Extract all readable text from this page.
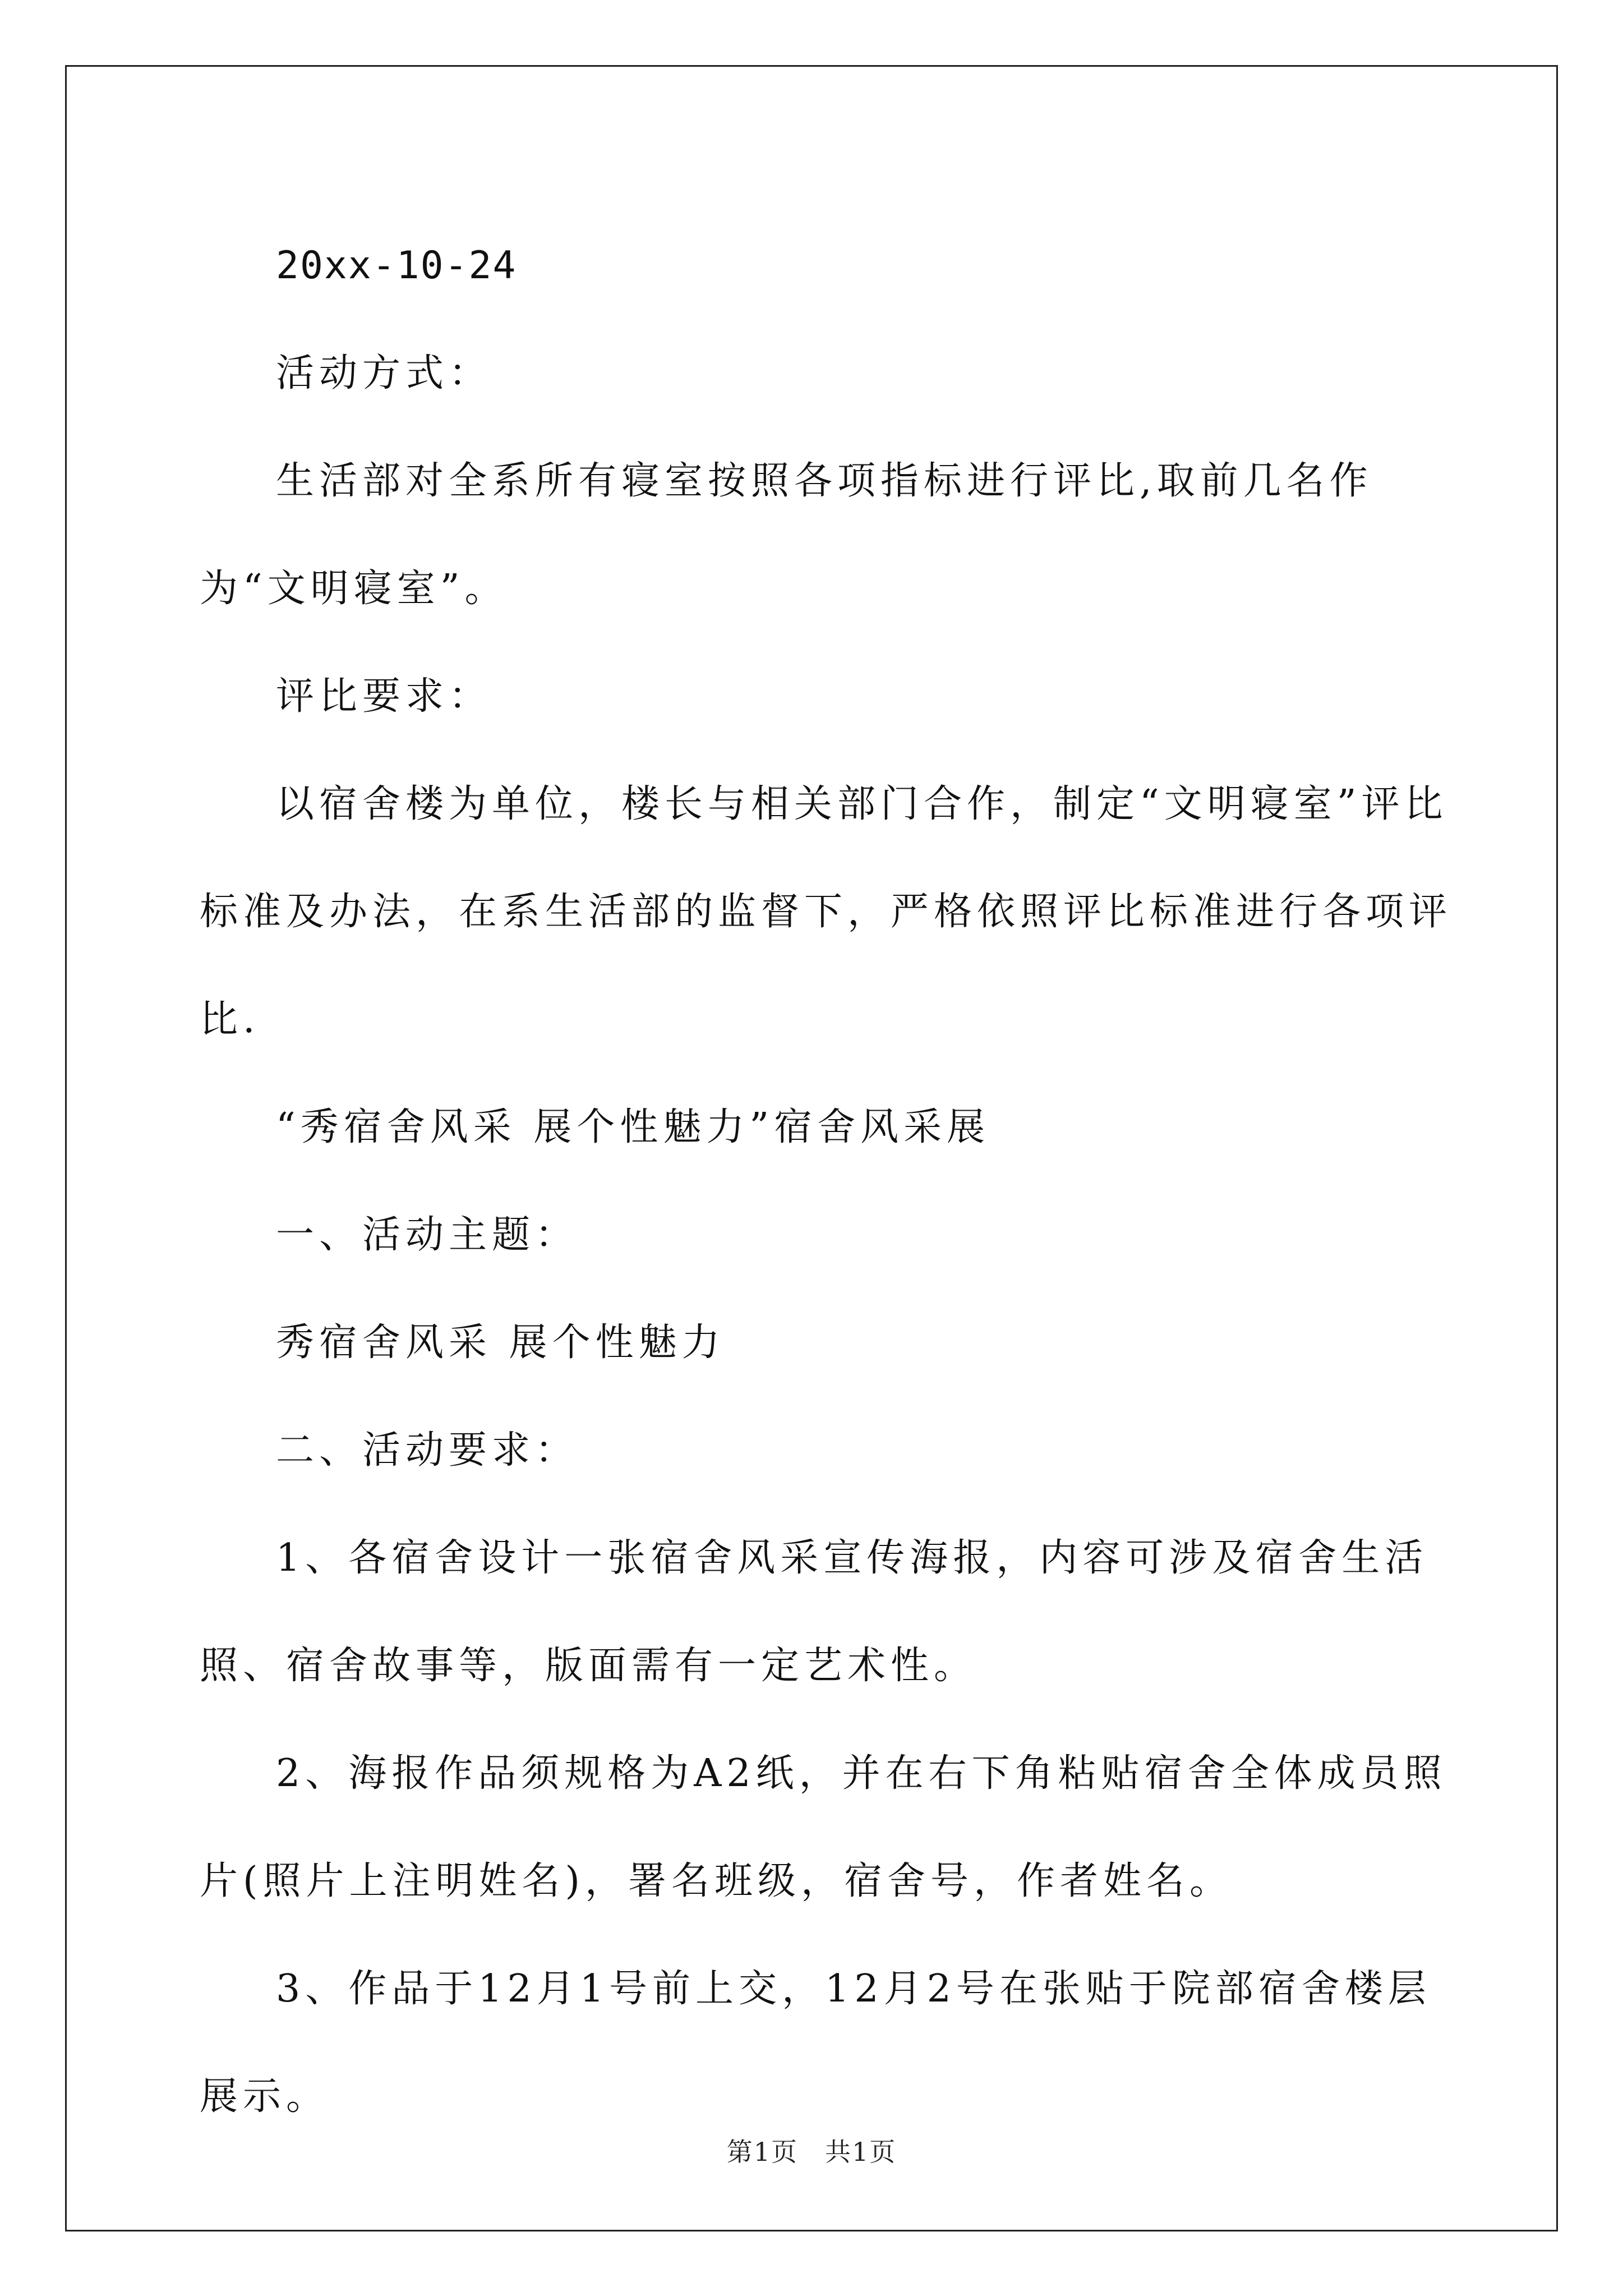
20xx-10-24

活动方式：

生活部对全系所有寝室按照各项指标进行评比,取前几名作为“文明寝室”。

评比要求：

以宿舍楼为单位，楼长与相关部门合作，制定“文明寝室”评比标准及办法，在系生活部的监督下，严格依照评比标准进行各项评比.

“秀宿舍风采 展个性魅力”宿舍风采展

一、活动主题：

秀宿舍风采 展个性魅力

二、活动要求：

1、各宿舍设计一张宿舍风采宣传海报，内容可涉及宿舍生活照、宿舍故事等，版面需有一定艺术性。

2、海报作品须规格为A2纸，并在右下角粘贴宿舍全体成员照片(照片上注明姓名)，署名班级，宿舍号，作者姓名。

3、作品于12月1号前上交，12月2号在张贴于院部宿舍楼层展示。

第1页 共1页
